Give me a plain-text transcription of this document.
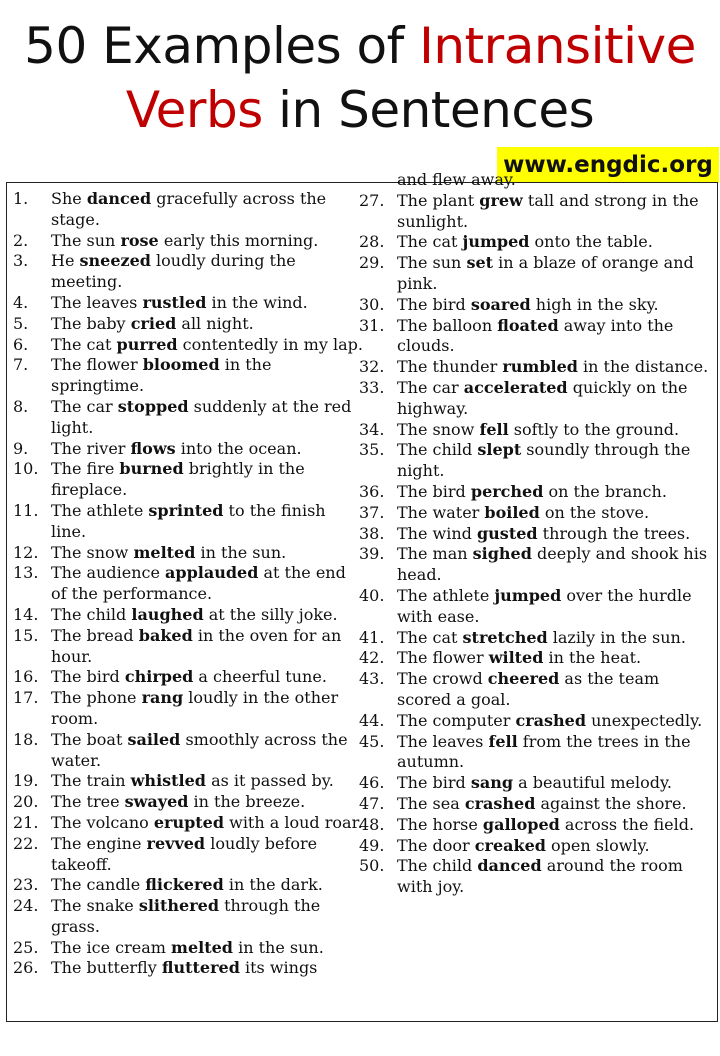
50 Examples of Intransitive
Verbs in Sentences
www.engdic.org
1.	She danced gracefully across the stage.
2.	The sun rose early this morning.
3.	He sneezed loudly during the meeting.
4.	The leaves rustled in the wind.
5.	The baby cried all night.
6.	The cat purred contentedly in my lap.
7.	The flower bloomed in the springtime.
8.	The car stopped suddenly at the red light.
9.	The river flows into the ocean.
10. The fire burned brightly in the fireplace.
11. The athlete sprinted to the finish line.
12. The snow melted in the sun.
13. The audience applauded at the end of the performance.
14. The child laughed at the silly joke.
15. The bread baked in the oven for an hour.
16. The bird chirped a cheerful tune.
17. The phone rang loudly in the other room.
18. The boat sailed smoothly across the water.
19. The train whistled as it passed by.
20. The tree swayed in the breeze.
21. The volcano erupted with a loud roar.
22. The engine revved loudly before takeoff.
23. The candle flickered in the dark.
24. The snake slithered through the grass.
25. The ice cream melted in the sun.
26. The butterfly fluttered its wings
and flew away.
27. The plant grew tall and strong in the sunlight.
28. The cat jumped onto the table.
29. The sun set in a blaze of orange and pink.
30. The bird soared high in the sky.
31. The balloon floated away into the clouds.
32. The thunder rumbled in the distance.
33. The car accelerated quickly on the highway.
34. The snow fell softly to the ground.
35. The child slept soundly through the night.
36. The bird perched on the branch.
37. The water boiled on the stove.
38. The wind gusted through the trees.
39. The man sighed deeply and shook his head.
40. The athlete jumped over the hurdle with ease.
41. The cat stretched lazily in the sun.
42. The flower wilted in the heat.
43. The crowd cheered as the team scored a goal.
44. The computer crashed unexpectedly.
45. The leaves fell from the trees in the autumn.
46. The bird sang a beautiful melody.
47. The sea crashed against the shore.
48. The horse galloped across the field.
49. The door creaked open slowly.
50. The child danced around the room with joy.
